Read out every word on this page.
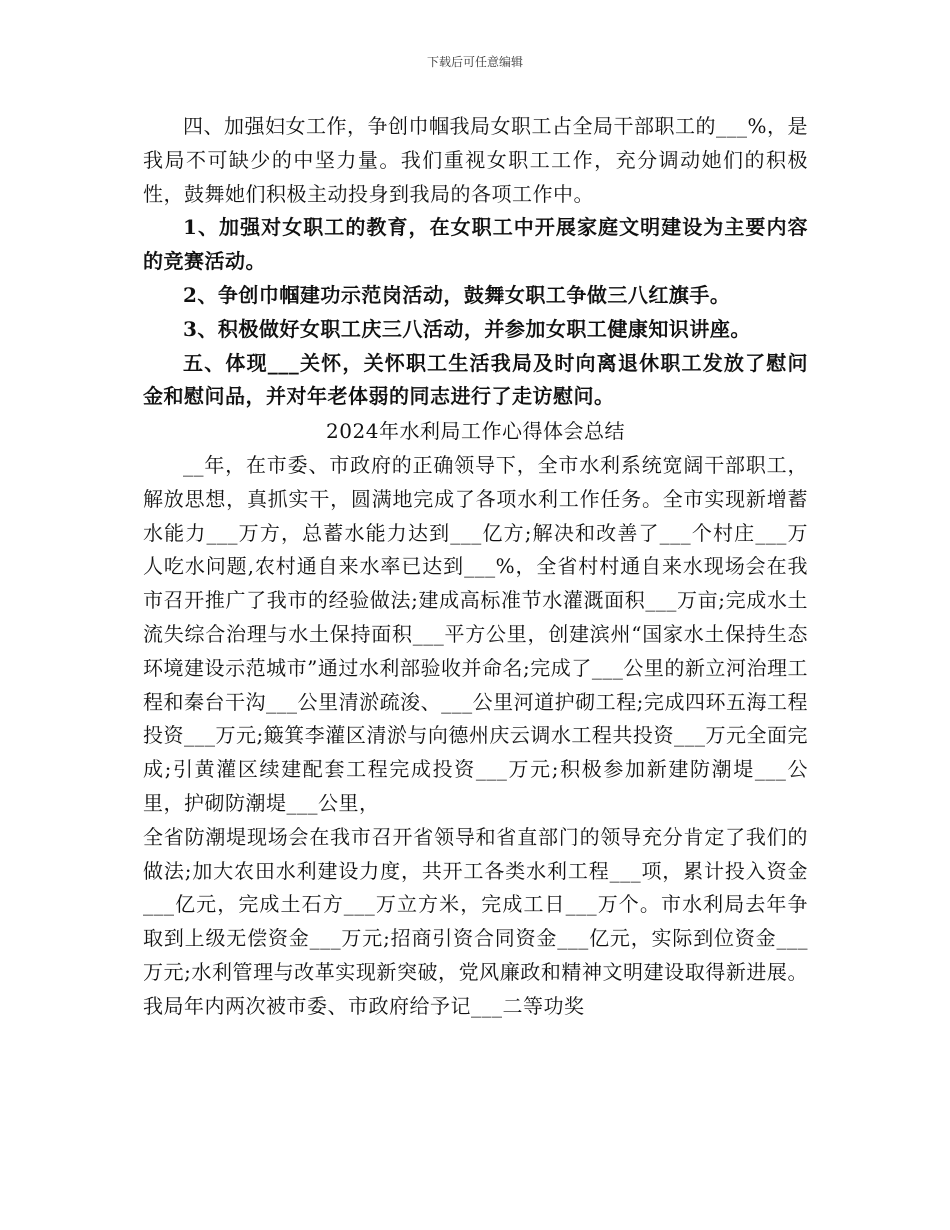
下载后可任意编辑

四、加强妇女工作，争创巾帼我局女职工占全局干部职工的___%，是我局不可缺少的中坚力量。我们重视女职工工作，充分调动她们的积极性，鼓舞她们积极主动投身到我局的各项工作中。

1、加强对女职工的教育，在女职工中开展家庭文明建设为主要内容的竞赛活动。

2、争创巾帼建功示范岗活动，鼓舞女职工争做三八红旗手。

3、积极做好女职工庆三八活动，并参加女职工健康知识讲座。

五、体现___关怀，关怀职工生活我局及时向离退休职工发放了慰问金和慰问品，并对年老体弱的同志进行了走访慰问。

2024年水利局工作心得体会总结

__年，在市委、市政府的正确领导下，全市水利系统宽阔干部职工，解放思想，真抓实干，圆满地完成了各项水利工作任务。全市实现新增蓄水能力___万方，总蓄水能力达到___亿方;解决和改善了___个村庄___万人吃水问题,农村通自来水率已达到___%，全省村村通自来水现场会在我市召开推广了我市的经验做法;建成高标准节水灌溉面积___万亩;完成水土流失综合治理与水土保持面积___平方公里，创建滨州“国家水土保持生态环境建设示范城市”通过水利部验收并命名;完成了___公里的新立河治理工程和秦台干沟___公里清淤疏浚、___公里河道护砌工程;完成四环五海工程投资___万元;簸箕李灌区清淤与向德州庆云调水工程共投资___万元全面完成;引黄灌区续建配套工程完成投资___万元;积极参加新建防潮堤___公里，护砌防潮堤___公里，

全省防潮堤现场会在我市召开省领导和省直部门的领导充分肯定了我们的做法;加大农田水利建设力度，共开工各类水利工程___项，累计投入资金___亿元，完成土石方___万立方米，完成工日___万个。市水利局去年争取到上级无偿资金___万元;招商引资合同资金___亿元，实际到位资金___万元;水利管理与改革实现新突破，党风廉政和精神文明建设取得新进展。我局年内两次被市委、市政府给予记___二等功奖
